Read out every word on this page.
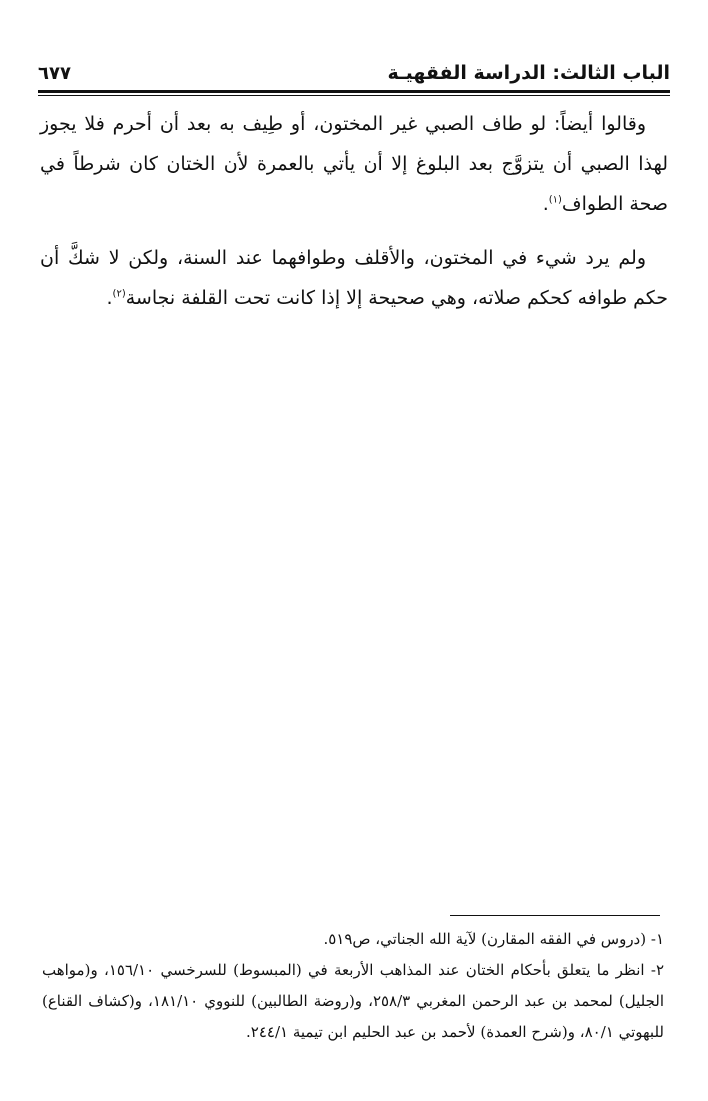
٦٧٧	الباب الثالث: الدراسة الفقهيـة

وقالوا أيضاً: لو طاف الصبي غير المختون، أو طِيف به بعد أن أحرم فلا يجوز لهذا الصبي أن يتزوَّج بعد البلوغ إلا أن يأتي بالعمرة لأن الختان كان شرطاً في صحة الطواف$^{(١)}$.

ولم يرد شيء في المختون، والأقلف وطوافهما عند السنة، ولكن لا شكَّ أن حكم طوافه كحكم صلاته، وهي صحيحة إلا إذا كانت تحت القلفة نجاسة$^{(٢)}$.

١- (دروس في الفقه المقارن) لآية الله الجناتي، ص٥١٩.

٢- انظر ما يتعلق بأحكام الختان عند المذاهب الأربعة في (المبسوط) للسرخسي ١٥٦/١٠، و(مواهب الجليل) لمحمد بن عبد الرحمن المغربي ٢٥٨/٣، و(روضة الطالبين) للنووي ١٨١/١٠، و(كشاف القناع) للبهوتي ٨٠/١، و(شرح العمدة) لأحمد بن عبد الحليم ابن تيمية ٢٤٤/١.
